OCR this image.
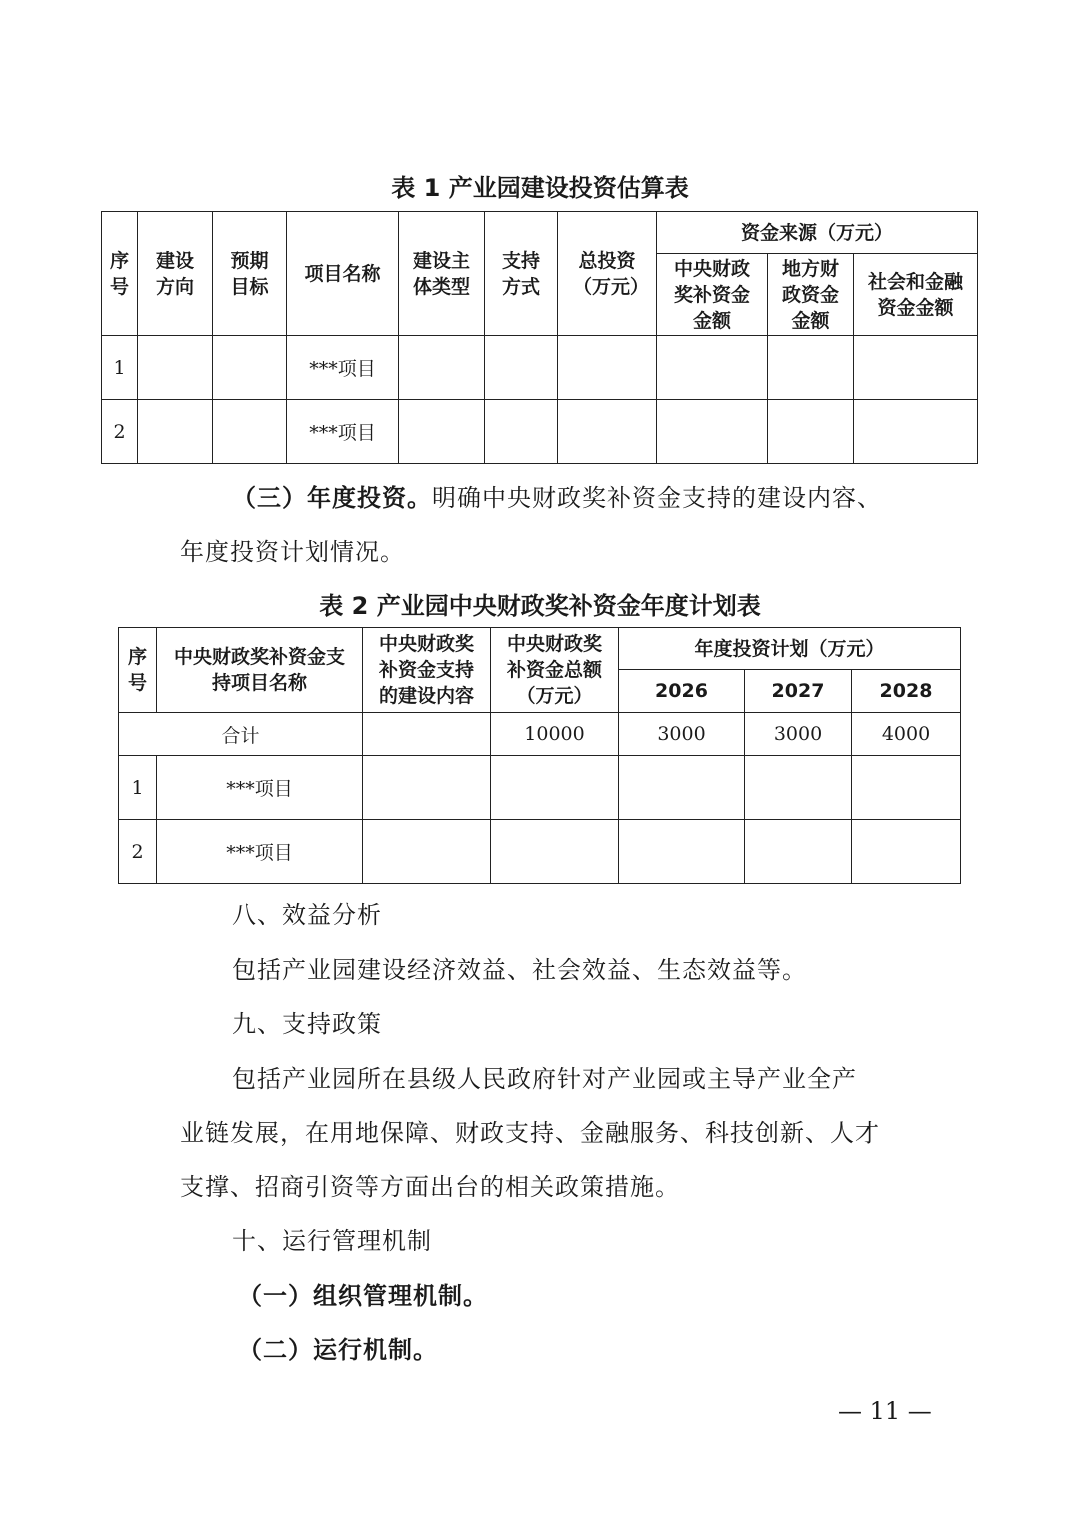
表 1 产业园建设投资估算表
序号	建设方向	预期目标	项目名称	建设主体类型	支持方式	总投资（万元）	资金来源（万元）		

							中央财政奖补资金金额	地方财政资金金额	社会和金融资金金额

1			***项目						
2			***项目						
（三）年度投资。明确中央财政奖补资金支持的建设内容、
年度投资计划情况。
表 2 产业园中央财政奖补资金年度计划表
序号	中央财政奖补资金支持项目名称	中央财政奖补资金支持的建设内容	中央财政奖补资金总额（万元）	年度投资计划（万元）		
				2026	2027	2028
合计			10000	3000	3000	4000
1	***项目					
2	***项目					
八、效益分析
包括产业园建设经济效益、社会效益、生态效益等。
九、支持政策
包括产业园所在县级人民政府针对产业园或主导产业全产
业链发展，在用地保障、财政支持、金融服务、科技创新、人才
支撑、招商引资等方面出台的相关政策措施。
十、运行管理机制
（一）组织管理机制。
（二）运行机制。
— 11 —
